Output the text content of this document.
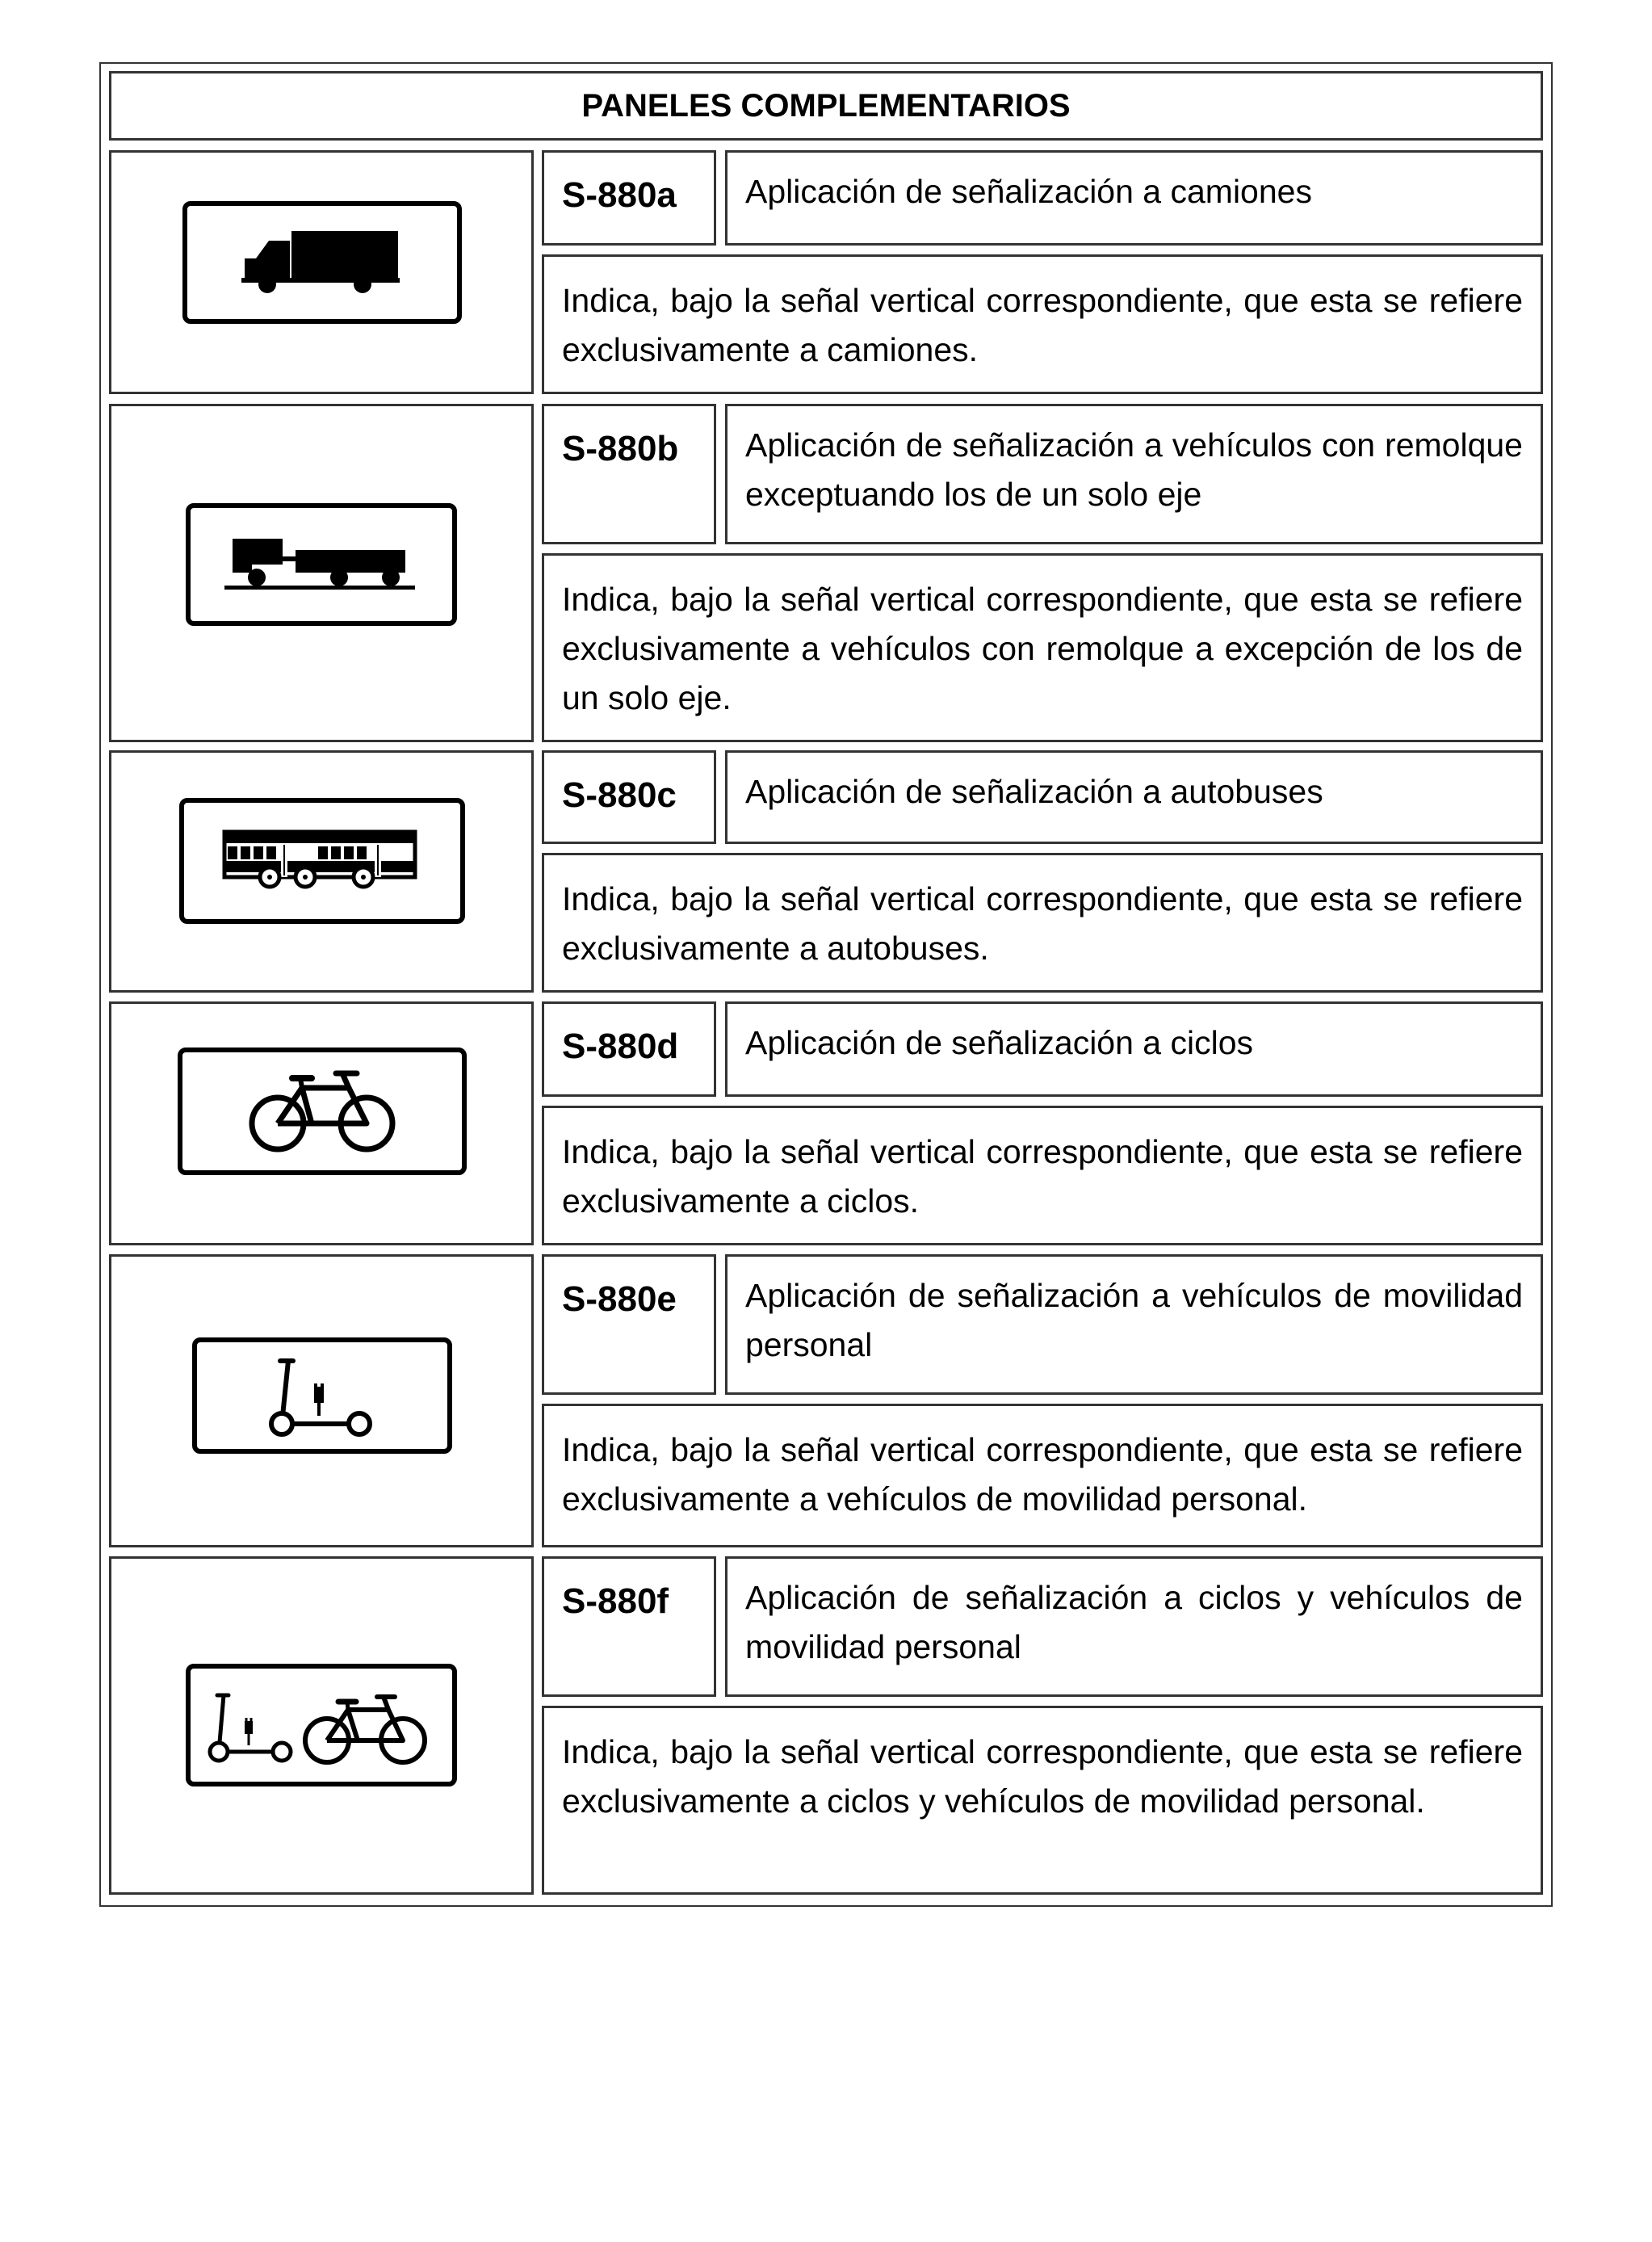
PANELES COMPLEMENTARIOS
S-880a	Aplicación de señalización a camiones
Indica, bajo la señal vertical correspondiente, que esta se refiere exclusivamente a camiones.
S-880b	Aplicación de señalización a vehículos con remolque exceptuando los de un solo eje
Indica, bajo la señal vertical correspondiente, que esta se refiere exclusivamente a vehículos con remolque a excepción de los de un solo eje.
S-880c	Aplicación de señalización a autobuses
Indica, bajo la señal vertical correspondiente, que esta se refiere exclusivamente a autobuses.
S-880d	Aplicación de señalización a ciclos
Indica, bajo la señal vertical correspondiente, que esta se refiere exclusivamente a ciclos.
S-880e	Aplicación de señalización a vehículos de movilidad personal
Indica, bajo la señal vertical correspondiente, que esta se refiere exclusivamente a vehículos de movilidad personal.
S-880f	Aplicación de señalización a ciclos y vehículos de movilidad personal
Indica, bajo la señal vertical correspondiente, que esta se refiere exclusivamente a ciclos y vehículos de movilidad personal.
